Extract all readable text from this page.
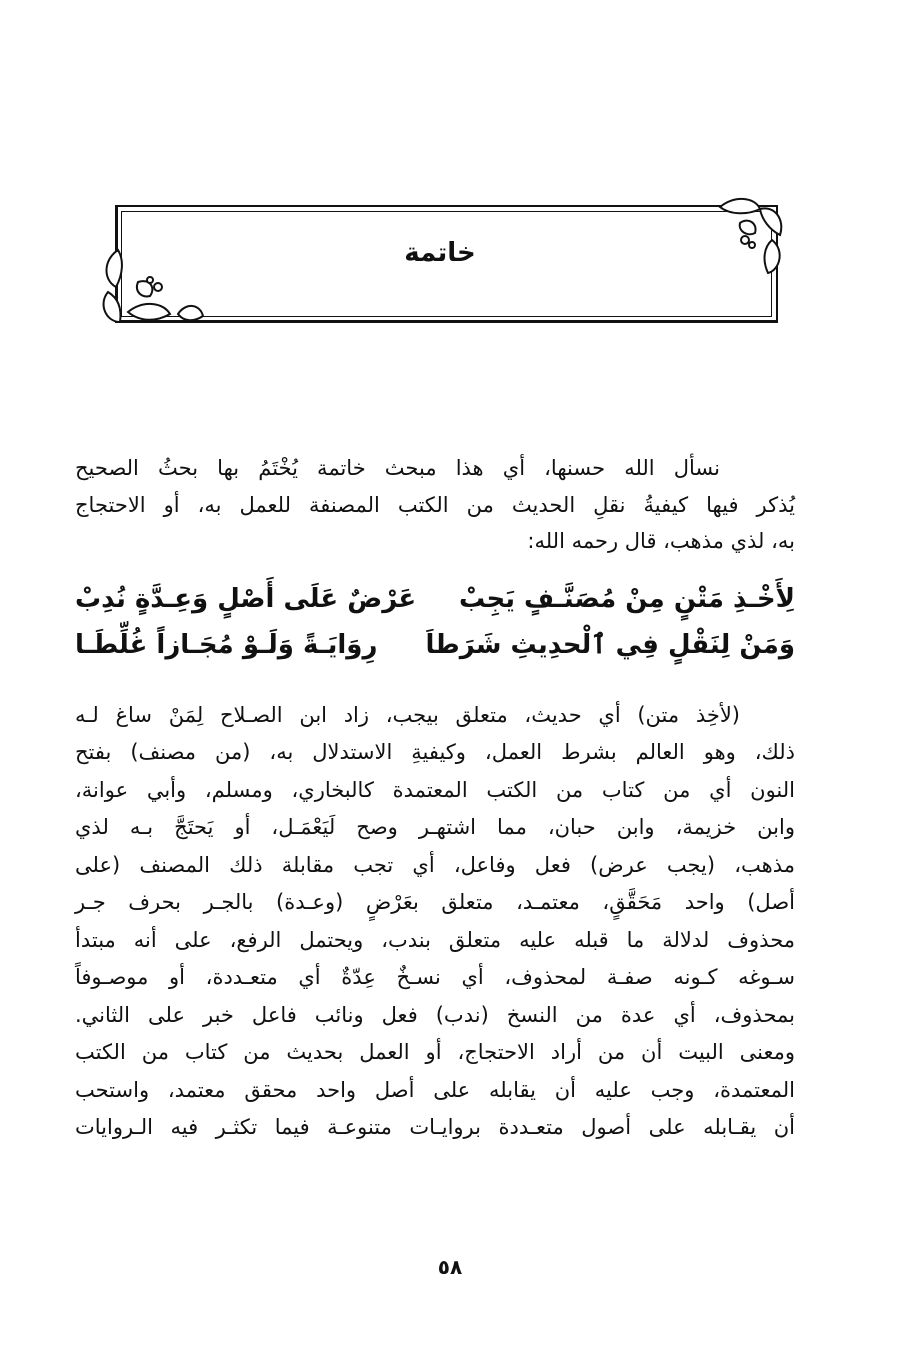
خاتمة
نسأل الله حسنها، أي هذا مبحث خاتمة يُخْتَمُ بها بحثُ الصحيح
يُذكر فيها كيفيةُ نقلِ الحديث من الكتب المصنفة للعمل به، أو الاحتجاج
به، لذي مذهب، قال رحمه الله:
لِأَخْـذِ مَتْنٍ مِنْ مُصَنَّـفٍ يَجِبْ
عَرْضٌ عَلَى أَصْلٍ وَعِـدَّةٍ نُدِبْ
وَمَنْ لِنَقْلٍ فِي ٱلْحدِيثِ شَرَطاَ
رِوَايَـةً وَلَـوْ مُجَـازاً غُلِّطَـا
(لأخِذ متن) أي حديث، متعلق بيجب، زاد ابن الصـلاح لِمَنْ ساغ لـه
ذلك، وهو العالم بشرط العمل، وكيفيةِ الاستدلال به، (من مصنف) بفتح
النون أي من كتاب من الكتب المعتمدة كالبخاري، ومسلم، وأبي عوانة،
وابن خزيمة، وابن حبان، مما اشتهـر وصح لَيَعْمَـل، أو يَحتَجَّ بـه لذي
مذهب، (يجب عرض) فعل وفاعل، أي تجب مقابلة ذلك المصنف (على
أصل) واحد مَحَقَّقٍ، معتمـد، متعلق بعَرْضٍ (وعـدة) بالجـر بحرف جـر
محذوف لدلالة ما قبله عليه متعلق بندب، ويحتمل الرفع، على أنه مبتدأ
سـوغه كـونه صفـة لمحذوف، أي نسـخٌ عِدّةٌ أي متعـددة، أو موصـوفاً
بمحذوف، أي عدة من النسخ (ندب) فعل ونائب فاعل خبر على الثاني.
ومعنى البيت أن من أراد الاحتجاج، أو العمل بحديث من كتاب من الكتب
المعتمدة، وجب عليه أن يقابله على أصل واحد محقق معتمد، واستحب
أن يقـابله على أصول متعـددة بروايـات متنوعـة فيما تكثـر فيه الـروايات
٥٨
